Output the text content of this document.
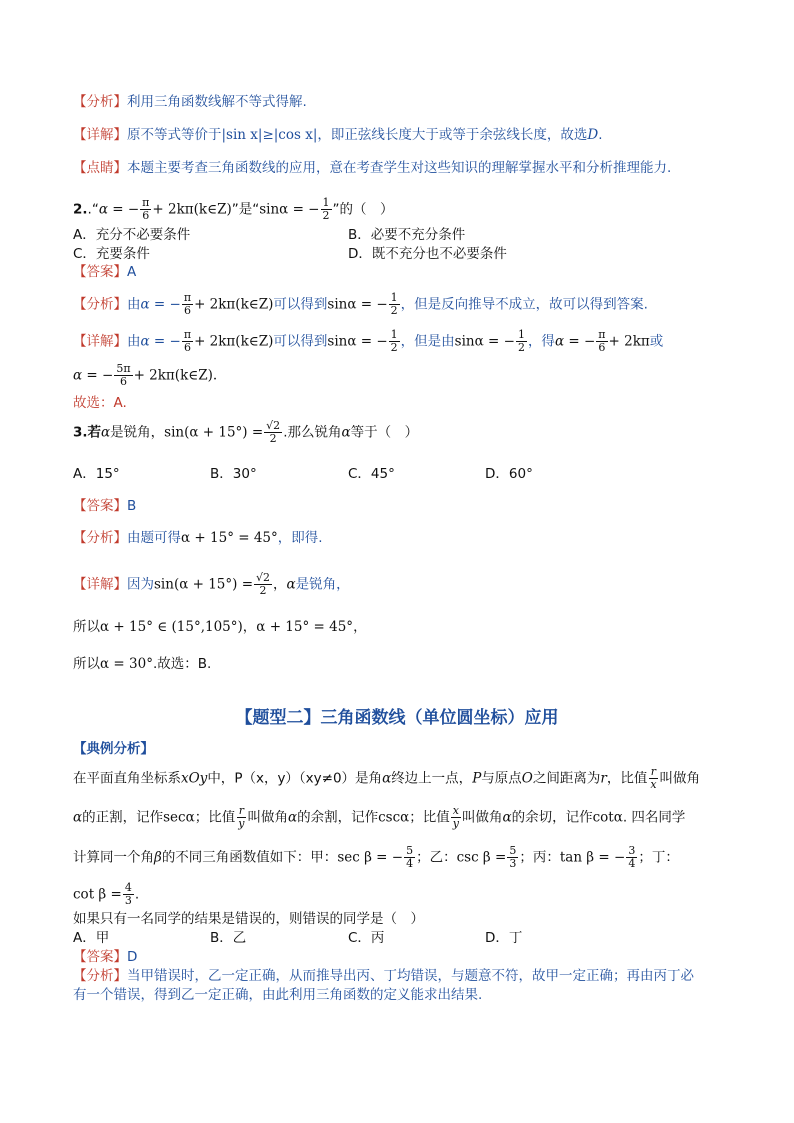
【分析】利用三角函数线解不等式得解.
【详解】原不等式等价于|sin x|≥|cos x|，即正弦线长度大于或等于余弦线长度，故选D.
【点睛】本题主要考查三角函数线的应用，意在考查学生对这些知识的理解掌握水平和分析推理能力.
2..“α = − $\frac{\pi}{6}$ + 2kπ(k∈Z)”是“sinα = − $\frac{1}{2}$ ”的（　）
A．充分不必要条件	B．必要不充分条件
C．充要条件	D．既不充分也不必要条件
【答案】A
【分析】由α = − $\frac{\pi}{6}$ + 2kπ(k∈Z)可以得到sinα = − $\frac{1}{2}$ ，但是反向推导不成立，故可以得到答案.
【详解】由α = − $\frac{\pi}{6}$ + 2kπ(k∈Z)可以得到sinα = − $\frac{1}{2}$ ，但是由sinα = − $\frac{1}{2}$ ，得α = − $\frac{\pi}{6} + 2k\pi$或
α = − $\frac{5\pi}{6}$ + 2kπ(k∈Z).
故选：A.
3.若α是锐角，$\sin(\alpha + 15^\circ) = \frac{√2}{2}$ .那么锐角α等于（　）
A．15°	B．30°	C．45°	D．60°
【答案】B
【分析】由题可得α + 15° = 45°，即得.
【详解】因为$\sin(\alpha + 15^\circ) = \frac{√2}{2}$ ，α是锐角，
所以α + 15° ∈ (15°,105°)，α + 15° = 45°，
所以α = 30°.故选：B.
【题型二】三角函数线（单位圆坐标）应用
【典例分析】
在平面直角坐标系xOy中，P（x，y）（xy≠0）是角α终边上一点，P与原点O之间距离为r，比值 $\frac{r}{x}$ 叫做角
α的正割，记作secα；比值 $\frac{r}{y}$ 叫做角α的余割，记作cscα；比值 $\frac{x}{y}$ 叫做角α的余切，记作cotα. 四名同学
计算同一个角β的不同三角函数值如下：甲：sec β = − $\frac{5}{4}$ ；乙：$\csc \beta = \frac{5}{3}$ ；丙：tan β = − $\frac{3}{4}$ ；丁：
$\cot \beta = \frac{4}{3}$ .
如果只有一名同学的结果是错误的，则错误的同学是（　）
A．甲	B．乙	C．丙	D．丁
【答案】D
【分析】当甲错误时，乙一定正确，从而推导出丙、丁均错误，与题意不符，故甲一定正确；再由丙丁必
有一个错误，得到乙一定正确，由此利用三角函数的定义能求出结果.
